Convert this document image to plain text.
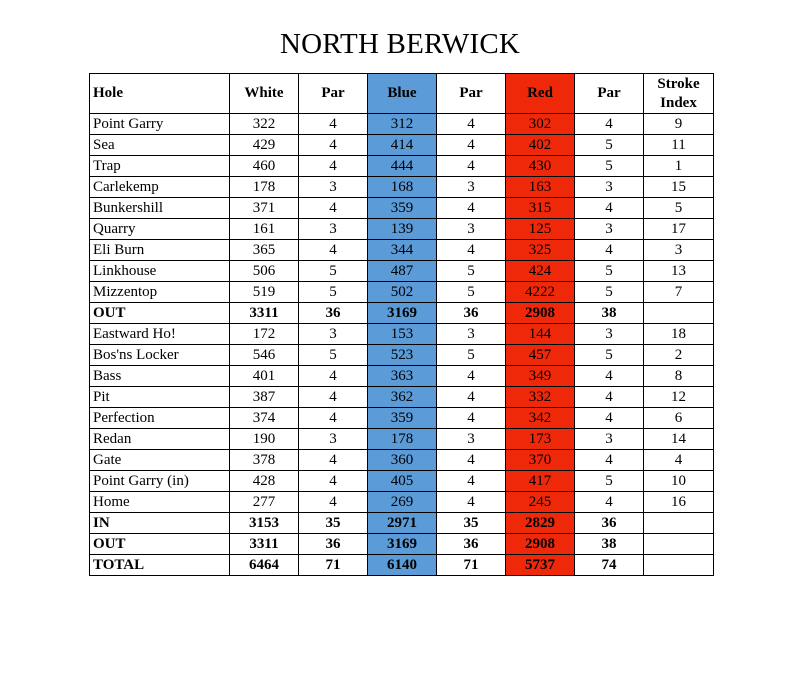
NORTH BERWICK
Hole	White	Par	Blue	Par	Red	Par	Stroke
Index
Point Garry	322	4	312	4	302	4	9
Sea	429	4	414	4	402	5	11
Trap	460	4	444	4	430	5	1
Carlekemp	178	3	168	3	163	3	15
Bunkershill	371	4	359	4	315	4	5
Quarry	161	3	139	3	125	3	17
Eli Burn	365	4	344	4	325	4	3
Linkhouse	506	5	487	5	424	5	13
Mizzentop	519	5	502	5	4222	5	7
OUT	3311	36	3169	36	2908	38	
Eastward Ho!	172	3	153	3	144	3	18
Bos'ns Locker	546	5	523	5	457	5	2
Bass	401	4	363	4	349	4	8
Pit	387	4	362	4	332	4	12
Perfection	374	4	359	4	342	4	6
Redan	190	3	178	3	173	3	14
Gate	378	4	360	4	370	4	4
Point Garry (in)	428	4	405	4	417	5	10
Home	277	4	269	4	245	4	16
IN	3153	35	2971	35	2829	36	
OUT	3311	36	3169	36	2908	38	
TOTAL	6464	71	6140	71	5737	74	
